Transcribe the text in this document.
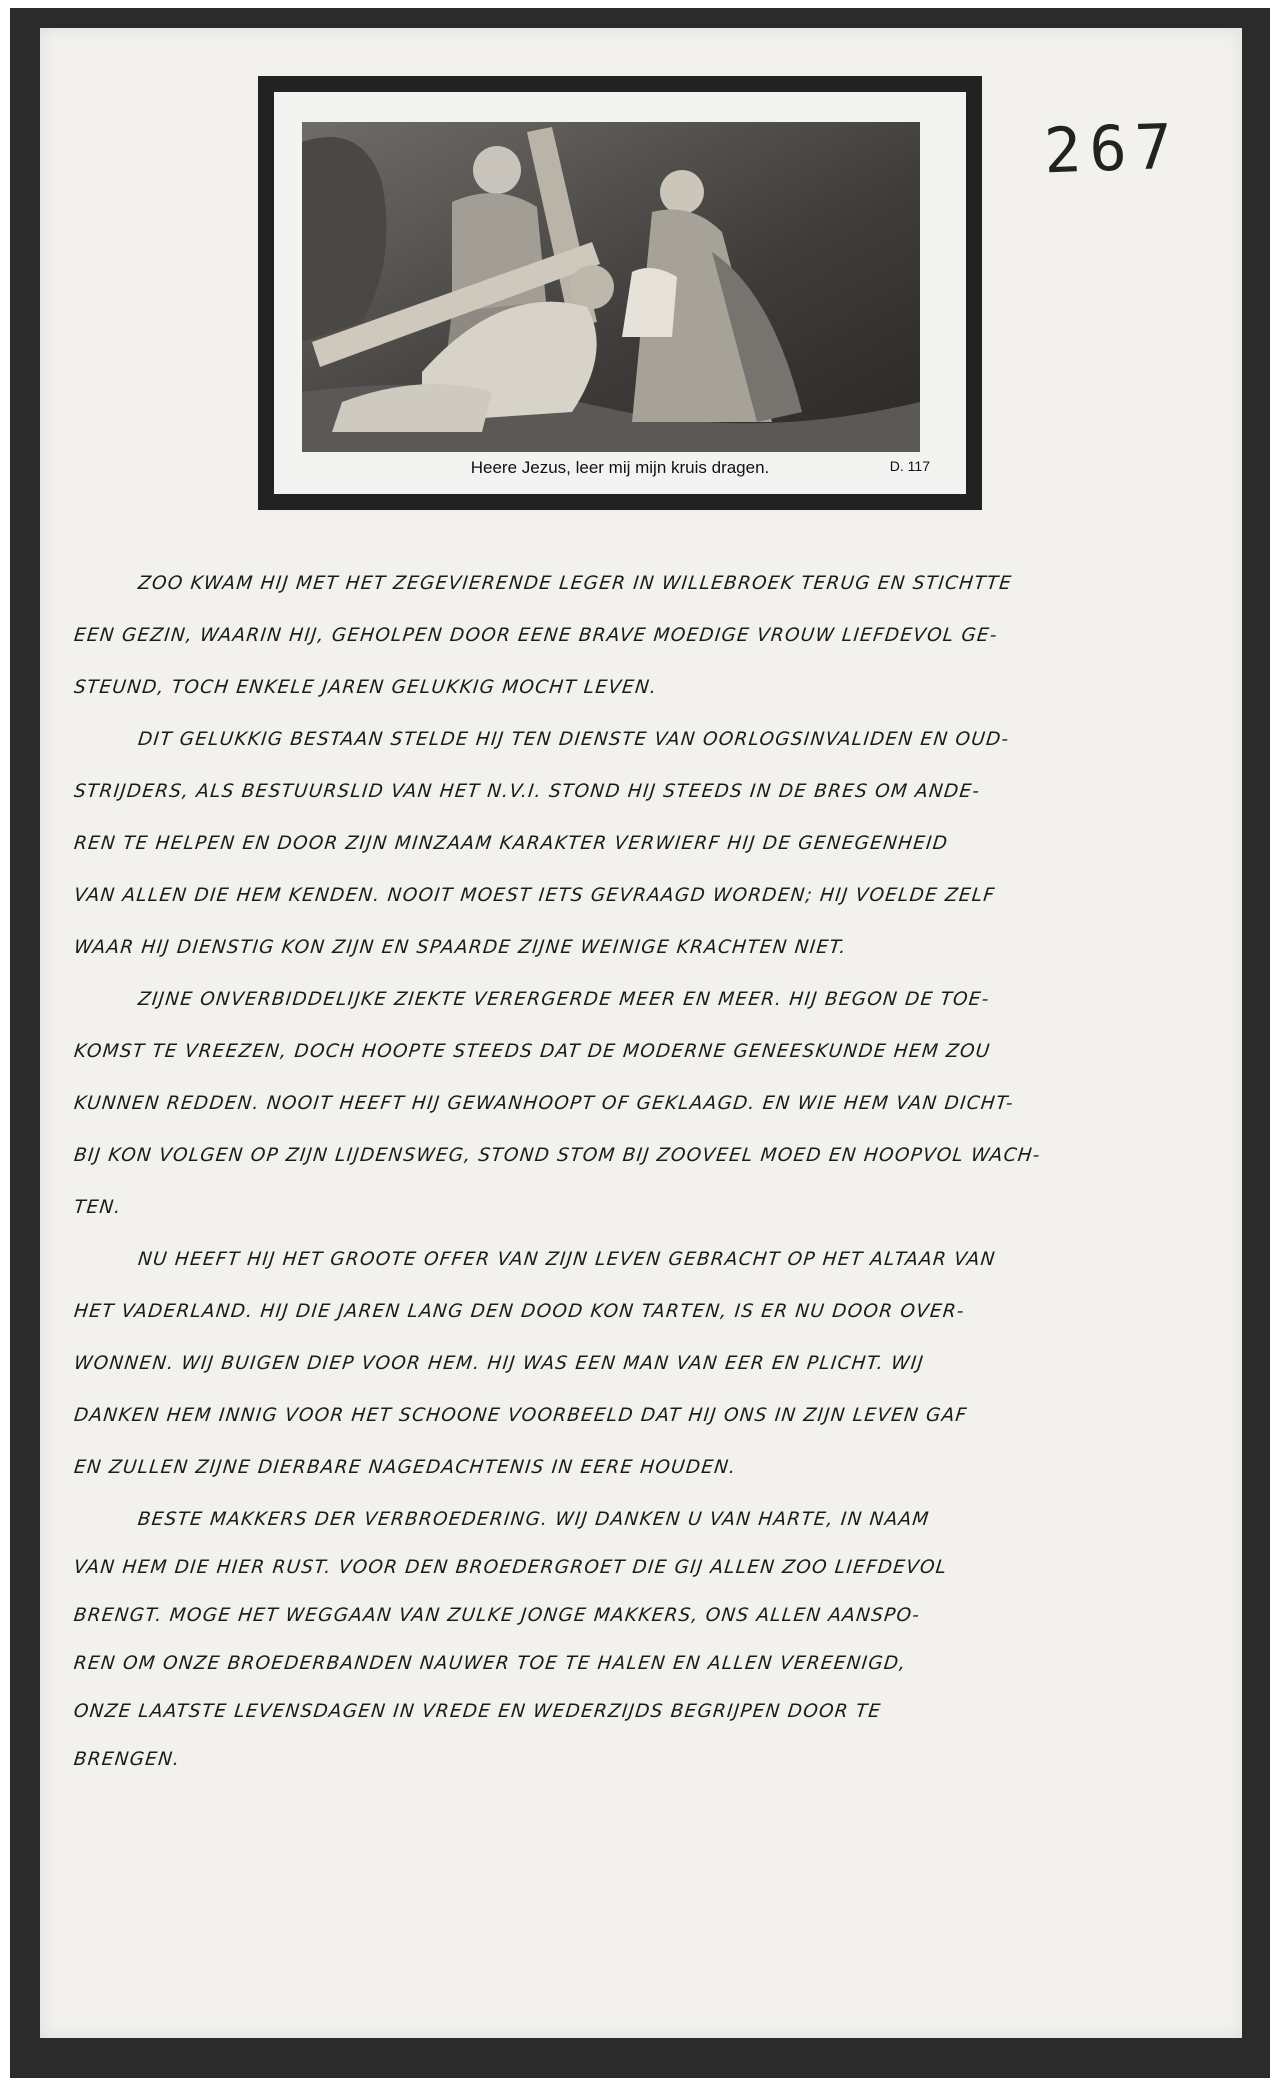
267
Heere Jezus, leer mij mijn kruis dragen.	D. 117
ZOO KWAM HIJ MET HET ZEGEVIERENDE LEGER IN WILLEBROEK TERUG EN STICHTTE
EEN GEZIN, WAARIN HIJ, GEHOLPEN DOOR EENE BRAVE MOEDIGE VROUW LIEFDEVOL GE-
STEUND, TOCH ENKELE JAREN GELUKKIG MOCHT LEVEN.
DIT GELUKKIG BESTAAN STELDE HIJ TEN DIENSTE VAN OORLOGSINVALIDEN EN OUD-
STRIJDERS, ALS BESTUURSLID VAN HET N.V.I. STOND HIJ STEEDS IN DE BRES OM ANDE-
REN TE HELPEN EN DOOR ZIJN MINZAAM KARAKTER VERWIERF HIJ DE GENEGENHEID
VAN ALLEN DIE HEM KENDEN. NOOIT MOEST IETS GEVRAAGD WORDEN; HIJ VOELDE ZELF
WAAR HIJ DIENSTIG KON ZIJN EN SPAARDE ZIJNE WEINIGE KRACHTEN NIET.
ZIJNE ONVERBIDDELIJKE ZIEKTE VERERGERDE MEER EN MEER. HIJ BEGON DE TOE-
KOMST TE VREEZEN, DOCH HOOPTE STEEDS DAT DE MODERNE GENEESKUNDE HEM ZOU
KUNNEN REDDEN. NOOIT HEEFT HIJ GEWANHOOPT OF GEKLAAGD. EN WIE HEM VAN DICHT-
BIJ KON VOLGEN OP ZIJN LIJDENSWEG, STOND STOM BIJ ZOOVEEL MOED EN HOOPVOL WACH-
TEN.
NU HEEFT HIJ HET GROOTE OFFER VAN ZIJN LEVEN GEBRACHT OP HET ALTAAR VAN
HET VADERLAND. HIJ DIE JAREN LANG DEN DOOD KON TARTEN, IS ER NU DOOR OVER-
WONNEN. WIJ BUIGEN DIEP VOOR HEM. HIJ WAS EEN MAN VAN EER EN PLICHT. WIJ
DANKEN HEM INNIG VOOR HET SCHOONE VOORBEELD DAT HIJ ONS IN ZIJN LEVEN GAF
EN ZULLEN ZIJNE DIERBARE NAGEDACHTENIS IN EERE HOUDEN.
BESTE MAKKERS DER VERBROEDERING. WIJ DANKEN U VAN HARTE, IN NAAM
VAN HEM DIE HIER RUST. VOOR DEN BROEDERGROET DIE GIJ ALLEN ZOO LIEFDEVOL
BRENGT. MOGE HET WEGGAAN VAN ZULKE JONGE MAKKERS, ONS ALLEN AANSPO-
REN OM ONZE BROEDERBANDEN NAUWER TOE TE HALEN EN ALLEN VEREENIGD,
ONZE LAATSTE LEVENSDAGEN IN VREDE EN WEDERZIJDS BEGRIJPEN DOOR TE
BRENGEN.
